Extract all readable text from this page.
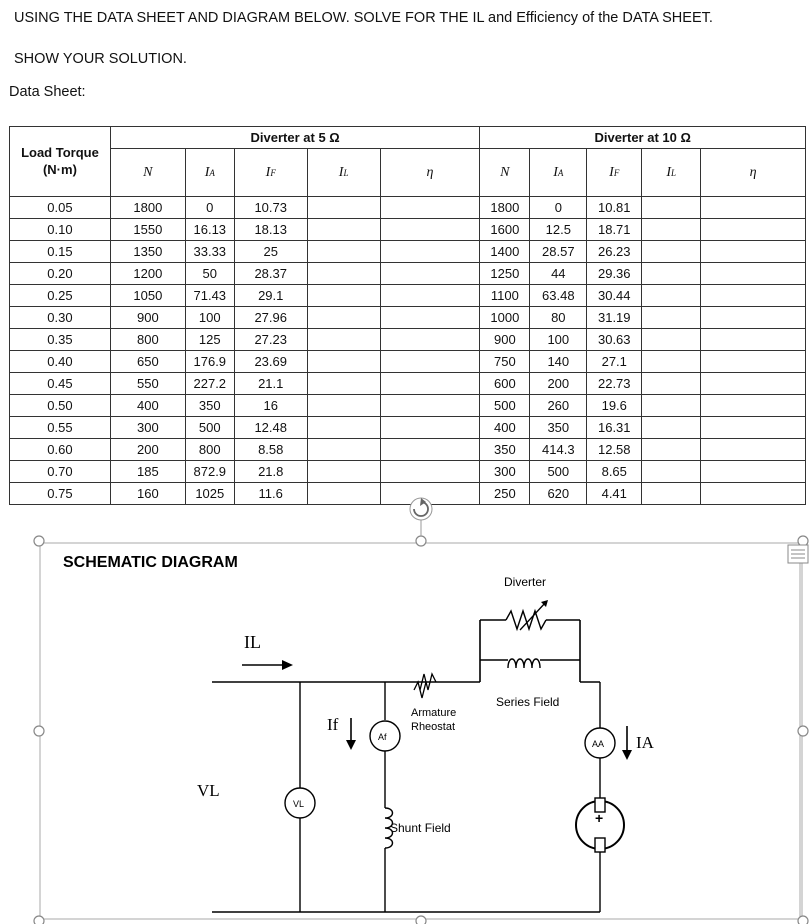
USING THE DATA SHEET AND DIAGRAM BELOW. SOLVE FOR THE IL and Efficiency of the DATA SHEET.
SHOW YOUR SOLUTION.
Data Sheet:
Load Torque (N·m)	Diverter at 5 Ω					Diverter at 10 Ω				
	N	IA	IF	IL	η	N	IA	IF	IL	η
0.05	1800	0	10.73			1800	0	10.81		
0.10	1550	16.13	18.13			1600	12.5	18.71		
0.15	1350	33.33	25			1400	28.57	26.23		
0.20	1200	50	28.37			1250	44	29.36		
0.25	1050	71.43	29.1			1100	63.48	30.44		
0.30	900	100	27.96			1000	80	31.19		
0.35	800	125	27.23			900	100	30.63		
0.40	650	176.9	23.69			750	140	27.1		
0.45	550	227.2	21.1			600	200	22.73		
0.50	400	350	16			500	260	19.6		
0.55	300	500	12.48			400	350	16.31		
0.60	200	800	8.58			350	414.3	12.58		
0.70	185	872.9	21.8			300	500	8.65		
0.75	160	1025	11.6			250	620	4.41		
SCHEMATIC DIAGRAM
IL
VL
VL
If
Af
Shunt Field
Armature
Rheostat
Diverter
Series Field
AA IA
+
